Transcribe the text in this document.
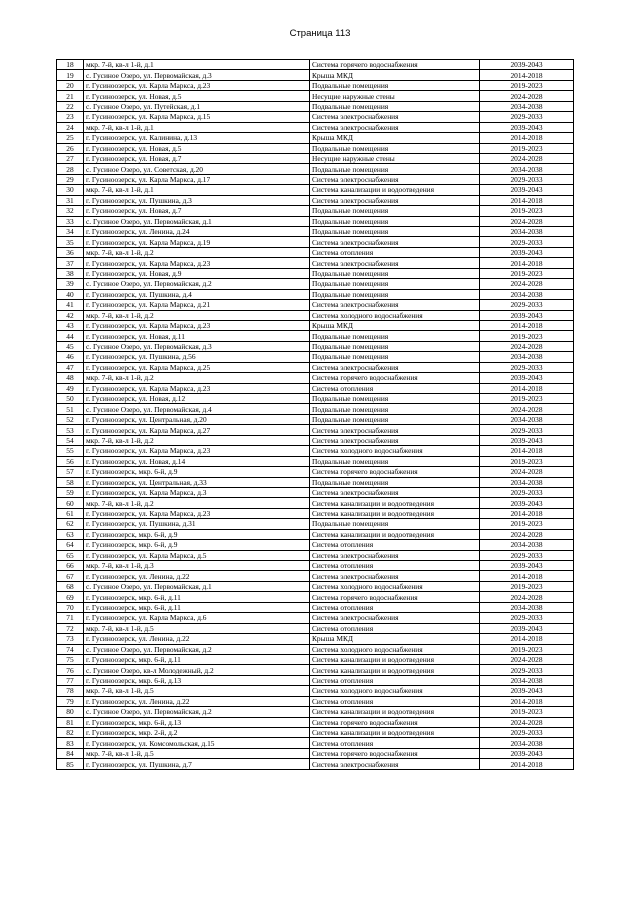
Страница 113
18	мкр. 7-й, кв-л 1-й, д.1	Система горячего водоснабжения	2039-2043
19	с. Гусиное Озеро, ул. Первомайская, д.3	Крыша МКД	2014-2018
20	г. Гусиноозерск, ул. Карла Маркса, д.23	Подвальные помещения	2019-2023
21	г. Гусиноозерск, ул. Новая, д.5	Несущие наружные стены	2024-2028
22	с. Гусиное Озеро, ул. Путейская, д.1	Подвальные помещения	2034-2038
23	г. Гусиноозерск, ул. Карла Маркса, д.15	Система электроснабжения	2029-2033
24	мкр. 7-й, кв-л 1-й, д.1	Система электроснабжения	2039-2043
25	г. Гусиноозерск, ул. Калинина, д.13	Крыша МКД	2014-2018
26	г. Гусиноозерск, ул. Новая, д.5	Подвальные помещения	2019-2023
27	г. Гусиноозерск, ул. Новая, д.7	Несущие наружные стены	2024-2028
28	с. Гусиное Озеро, ул. Советская, д.20	Подвальные помещения	2034-2038
29	г. Гусиноозерск, ул. Карла Маркса, д.17	Система электроснабжения	2029-2033
30	мкр. 7-й, кв-л 1-й, д.1	Система канализации и водоотведения	2039-2043
31	г. Гусиноозерск, ул. Пушкина, д.3	Система электроснабжения	2014-2018
32	г. Гусиноозерск, ул. Новая, д.7	Подвальные помещения	2019-2023
33	с. Гусиное Озеро, ул. Первомайская, д.1	Подвальные помещения	2024-2028
34	г. Гусиноозерск, ул. Ленина, д.24	Подвальные помещения	2034-2038
35	г. Гусиноозерск, ул. Карла Маркса, д.19	Система электроснабжения	2029-2033
36	мкр. 7-й, кв-л 1-й, д.2	Система отопления	2039-2043
37	г. Гусиноозерск, ул. Карла Маркса, д.23	Система электроснабжения	2014-2018
38	г. Гусиноозерск, ул. Новая, д.9	Подвальные помещения	2019-2023
39	с. Гусиное Озеро, ул. Первомайская, д.2	Подвальные помещения	2024-2028
40	г. Гусиноозерск, ул. Пушкина, д.4	Подвальные помещения	2034-2038
41	г. Гусиноозерск, ул. Карла Маркса, д.21	Система электроснабжения	2029-2033
42	мкр. 7-й, кв-л 1-й, д.2	Система холодного водоснабжения	2039-2043
43	г. Гусиноозерск, ул. Карла Маркса, д.23	Крыша МКД	2014-2018
44	г. Гусиноозерск, ул. Новая, д.11	Подвальные помещения	2019-2023
45	с. Гусиное Озеро, ул. Первомайская, д.3	Подвальные помещения	2024-2028
46	г. Гусиноозерск, ул. Пушкина, д.56	Подвальные помещения	2034-2038
47	г. Гусиноозерск, ул. Карла Маркса, д.25	Система электроснабжения	2029-2033
48	мкр. 7-й, кв-л 1-й, д.2	Система горячего водоснабжения	2039-2043
49	г. Гусиноозерск, ул. Карла Маркса, д.23	Система отопления	2014-2018
50	г. Гусиноозерск, ул. Новая, д.12	Подвальные помещения	2019-2023
51	с. Гусиное Озеро, ул. Первомайская, д.4	Подвальные помещения	2024-2028
52	г. Гусиноозерск, ул. Центральная, д.20	Подвальные помещения	2034-2038
53	г. Гусиноозерск, ул. Карла Маркса, д.27	Система электроснабжения	2029-2033
54	мкр. 7-й, кв-л 1-й, д.2	Система электроснабжения	2039-2043
55	г. Гусиноозерск, ул. Карла Маркса, д.23	Система холодного водоснабжения	2014-2018
56	г. Гусиноозерск, ул. Новая, д.14	Подвальные помещения	2019-2023
57	г. Гусиноозерск, мкр. 6-й, д.9	Система горячего водоснабжения	2024-2028
58	г. Гусиноозерск, ул. Центральная, д.33	Подвальные помещения	2034-2038
59	г. Гусиноозерск, ул. Карла Маркса, д.3	Система электроснабжения	2029-2033
60	мкр. 7-й, кв-л 1-й, д.2	Система канализации и водоотведения	2039-2043
61	г. Гусиноозерск, ул. Карла Маркса, д.23	Система канализации и водоотведения	2014-2018
62	г. Гусиноозерск, ул. Пушкина, д.31	Подвальные помещения	2019-2023
63	г. Гусиноозерск, мкр. 6-й, д.9	Система канализации и водоотведения	2024-2028
64	г. Гусиноозерск, мкр. 6-й, д.9	Система отопления	2034-2038
65	г. Гусиноозерск, ул. Карла Маркса, д.5	Система электроснабжения	2029-2033
66	мкр. 7-й, кв-л 1-й, д.3	Система отопления	2039-2043
67	г. Гусиноозерск, ул. Ленина, д.22	Система электроснабжения	2014-2018
68	с. Гусиное Озеро, ул. Первомайская, д.1	Система холодного водоснабжения	2019-2023
69	г. Гусиноозерск, мкр. 6-й, д.11	Система горячего водоснабжения	2024-2028
70	г. Гусиноозерск, мкр. 6-й, д.11	Система отопления	2034-2038
71	г. Гусиноозерск, ул. Карла Маркса, д.6	Система электроснабжения	2029-2033
72	мкр. 7-й, кв-л 1-й, д.5	Система отопления	2039-2043
73	г. Гусиноозерск, ул. Ленина, д.22	Крыша МКД	2014-2018
74	с. Гусиное Озеро, ул. Первомайская, д.2	Система холодного водоснабжения	2019-2023
75	г. Гусиноозерск, мкр. 6-й, д.11	Система канализации и водоотведения	2024-2028
76	с. Гусиное Озеро, кв-л Молодежный, д.2	Система канализации и водоотведения	2029-2033
77	г. Гусиноозерск, мкр. 6-й, д.13	Система отопления	2034-2038
78	мкр. 7-й, кв-л 1-й, д.5	Система холодного водоснабжения	2039-2043
79	г. Гусиноозерск, ул. Ленина, д.22	Система отопления	2014-2018
80	с. Гусиное Озеро, ул. Первомайская, д.2	Система канализации и водоотведения	2019-2023
81	г. Гусиноозерск, мкр. 6-й, д.13	Система горячего водоснабжения	2024-2028
82	г. Гусиноозерск, мкр. 2-й, д.2	Система канализации и водоотведения	2029-2033
83	г. Гусиноозерск, ул. Комсомольская, д.15	Система отопления	2034-2038
84	мкр. 7-й, кв-л 1-й, д.5	Система горячего водоснабжения	2039-2043
85	г. Гусиноозерск, ул. Пушкина, д.7	Система электроснабжения	2014-2018
